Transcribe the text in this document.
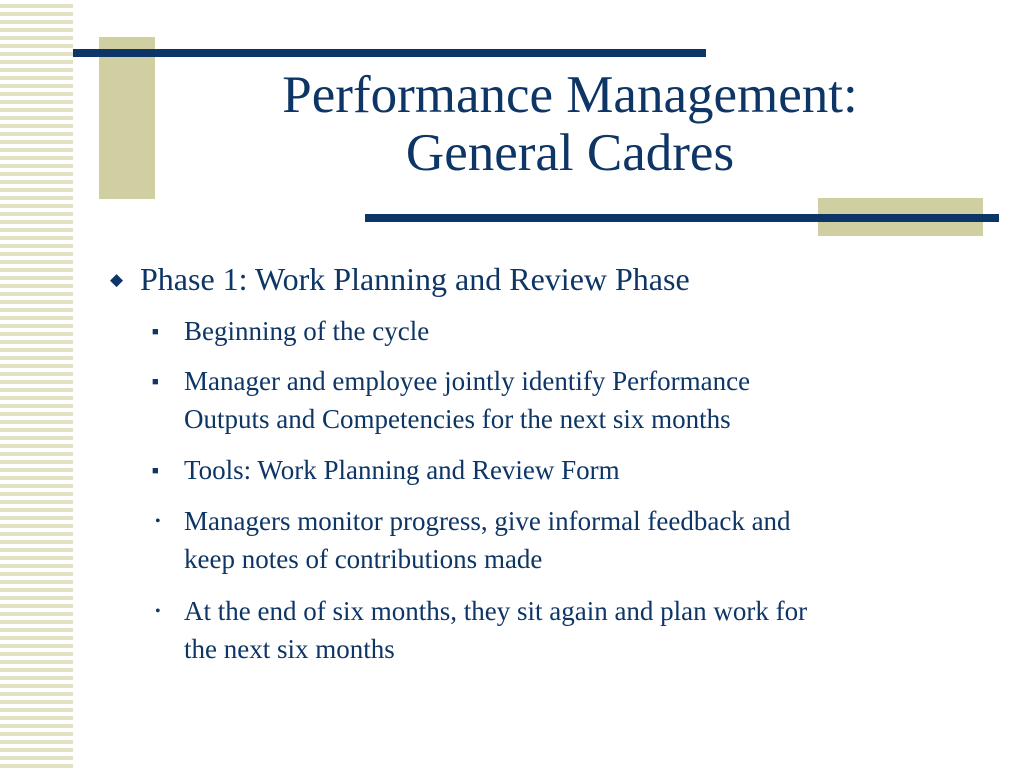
Performance Management:
General Cadres
◆ Phase 1: Work Planning and Review Phase
■ Beginning of the cycle
■ Manager and employee jointly identify Performance
Outputs and Competencies for the next six months
■ Tools: Work Planning and Review Form
• Managers monitor progress, give informal feedback and
keep notes of contributions made
• At the end of six months, they sit again and plan work for
the next six months
